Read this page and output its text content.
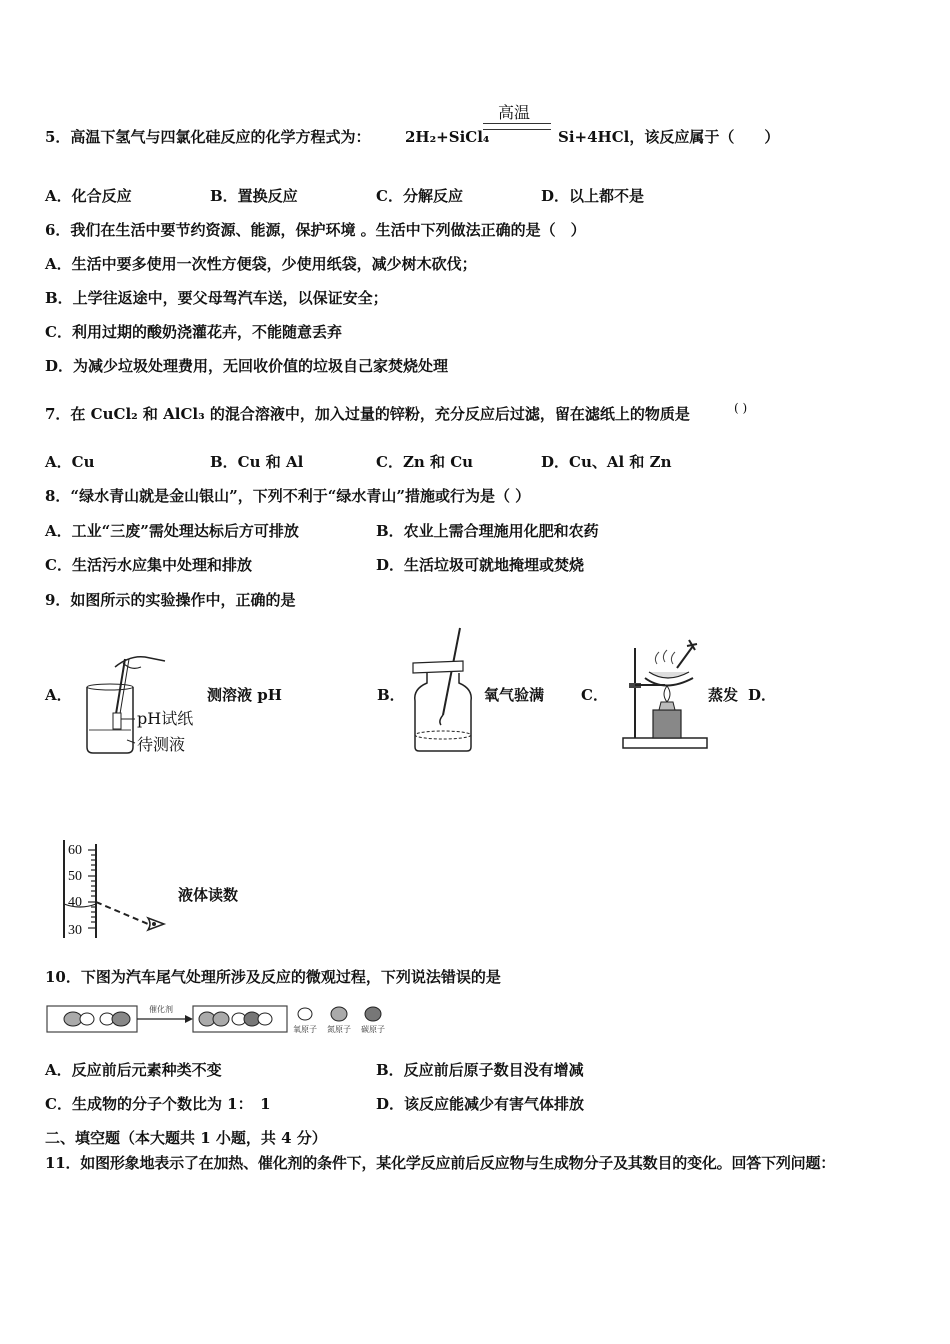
5．高温下氢气与四氯化硅反应的化学方程式为： 2H₂+SiCl₄
高温
Si+4HCl，该反应属于（　　）
A．化合反应	B．置换反应	C．分解反应	D．以上都不是
6．我们在生活中要节约资源、能源，保护环境 。生活中下列做法正确的是（　）
A．生活中要多使用一次性方便袋，少使用纸袋，减少树木砍伐；
B．上学往返途中，要父母驾汽车送，以保证安全；
C．利用过期的酸奶浇灌花卉，不能随意丢弃
D．为减少垃圾处理费用，无回收价值的垃圾自己家焚烧处理
7．在 CuCl₂ 和 AlCl₃ 的混合溶液中，加入过量的锌粉，充分反应后过滤，留在滤纸上的物质是	( )
A．Cu	B．Cu 和 Al	C．Zn 和 Cu	D．Cu、Al 和 Zn
8．“绿水青山就是金山银山”，下列不利于“绿水青山”措施或行为是（ ）
A．工业“三废”需处理达标后方可排放	B．农业上需合理施用化肥和农药
C．生活污水应集中处理和排放	D．生活垃圾可就地掩埋或焚烧
9．如图所示的实验操作中，正确的是
A．
pH试纸
待测液
测溶液 pH	B．	氧气验满 C．	蒸发 D．
60
50
40
30
液体读数
10．下图为汽车尾气处理所涉及反应的微观过程，下列说法错误的是
催化剂
氧原子 氮原子 碳原子
A．反应前后元素种类不变	B．反应前后原子数目没有增减
C．生成物的分子个数比为 1：　1	D．该反应能减少有害气体排放
二、填空题（本大题共 1 小题，共 4 分）
11．如图形象地表示了在加热、催化剂的条件下，某化学反应前后反应物与生成物分子及其数目的变化。回答下列问题：
